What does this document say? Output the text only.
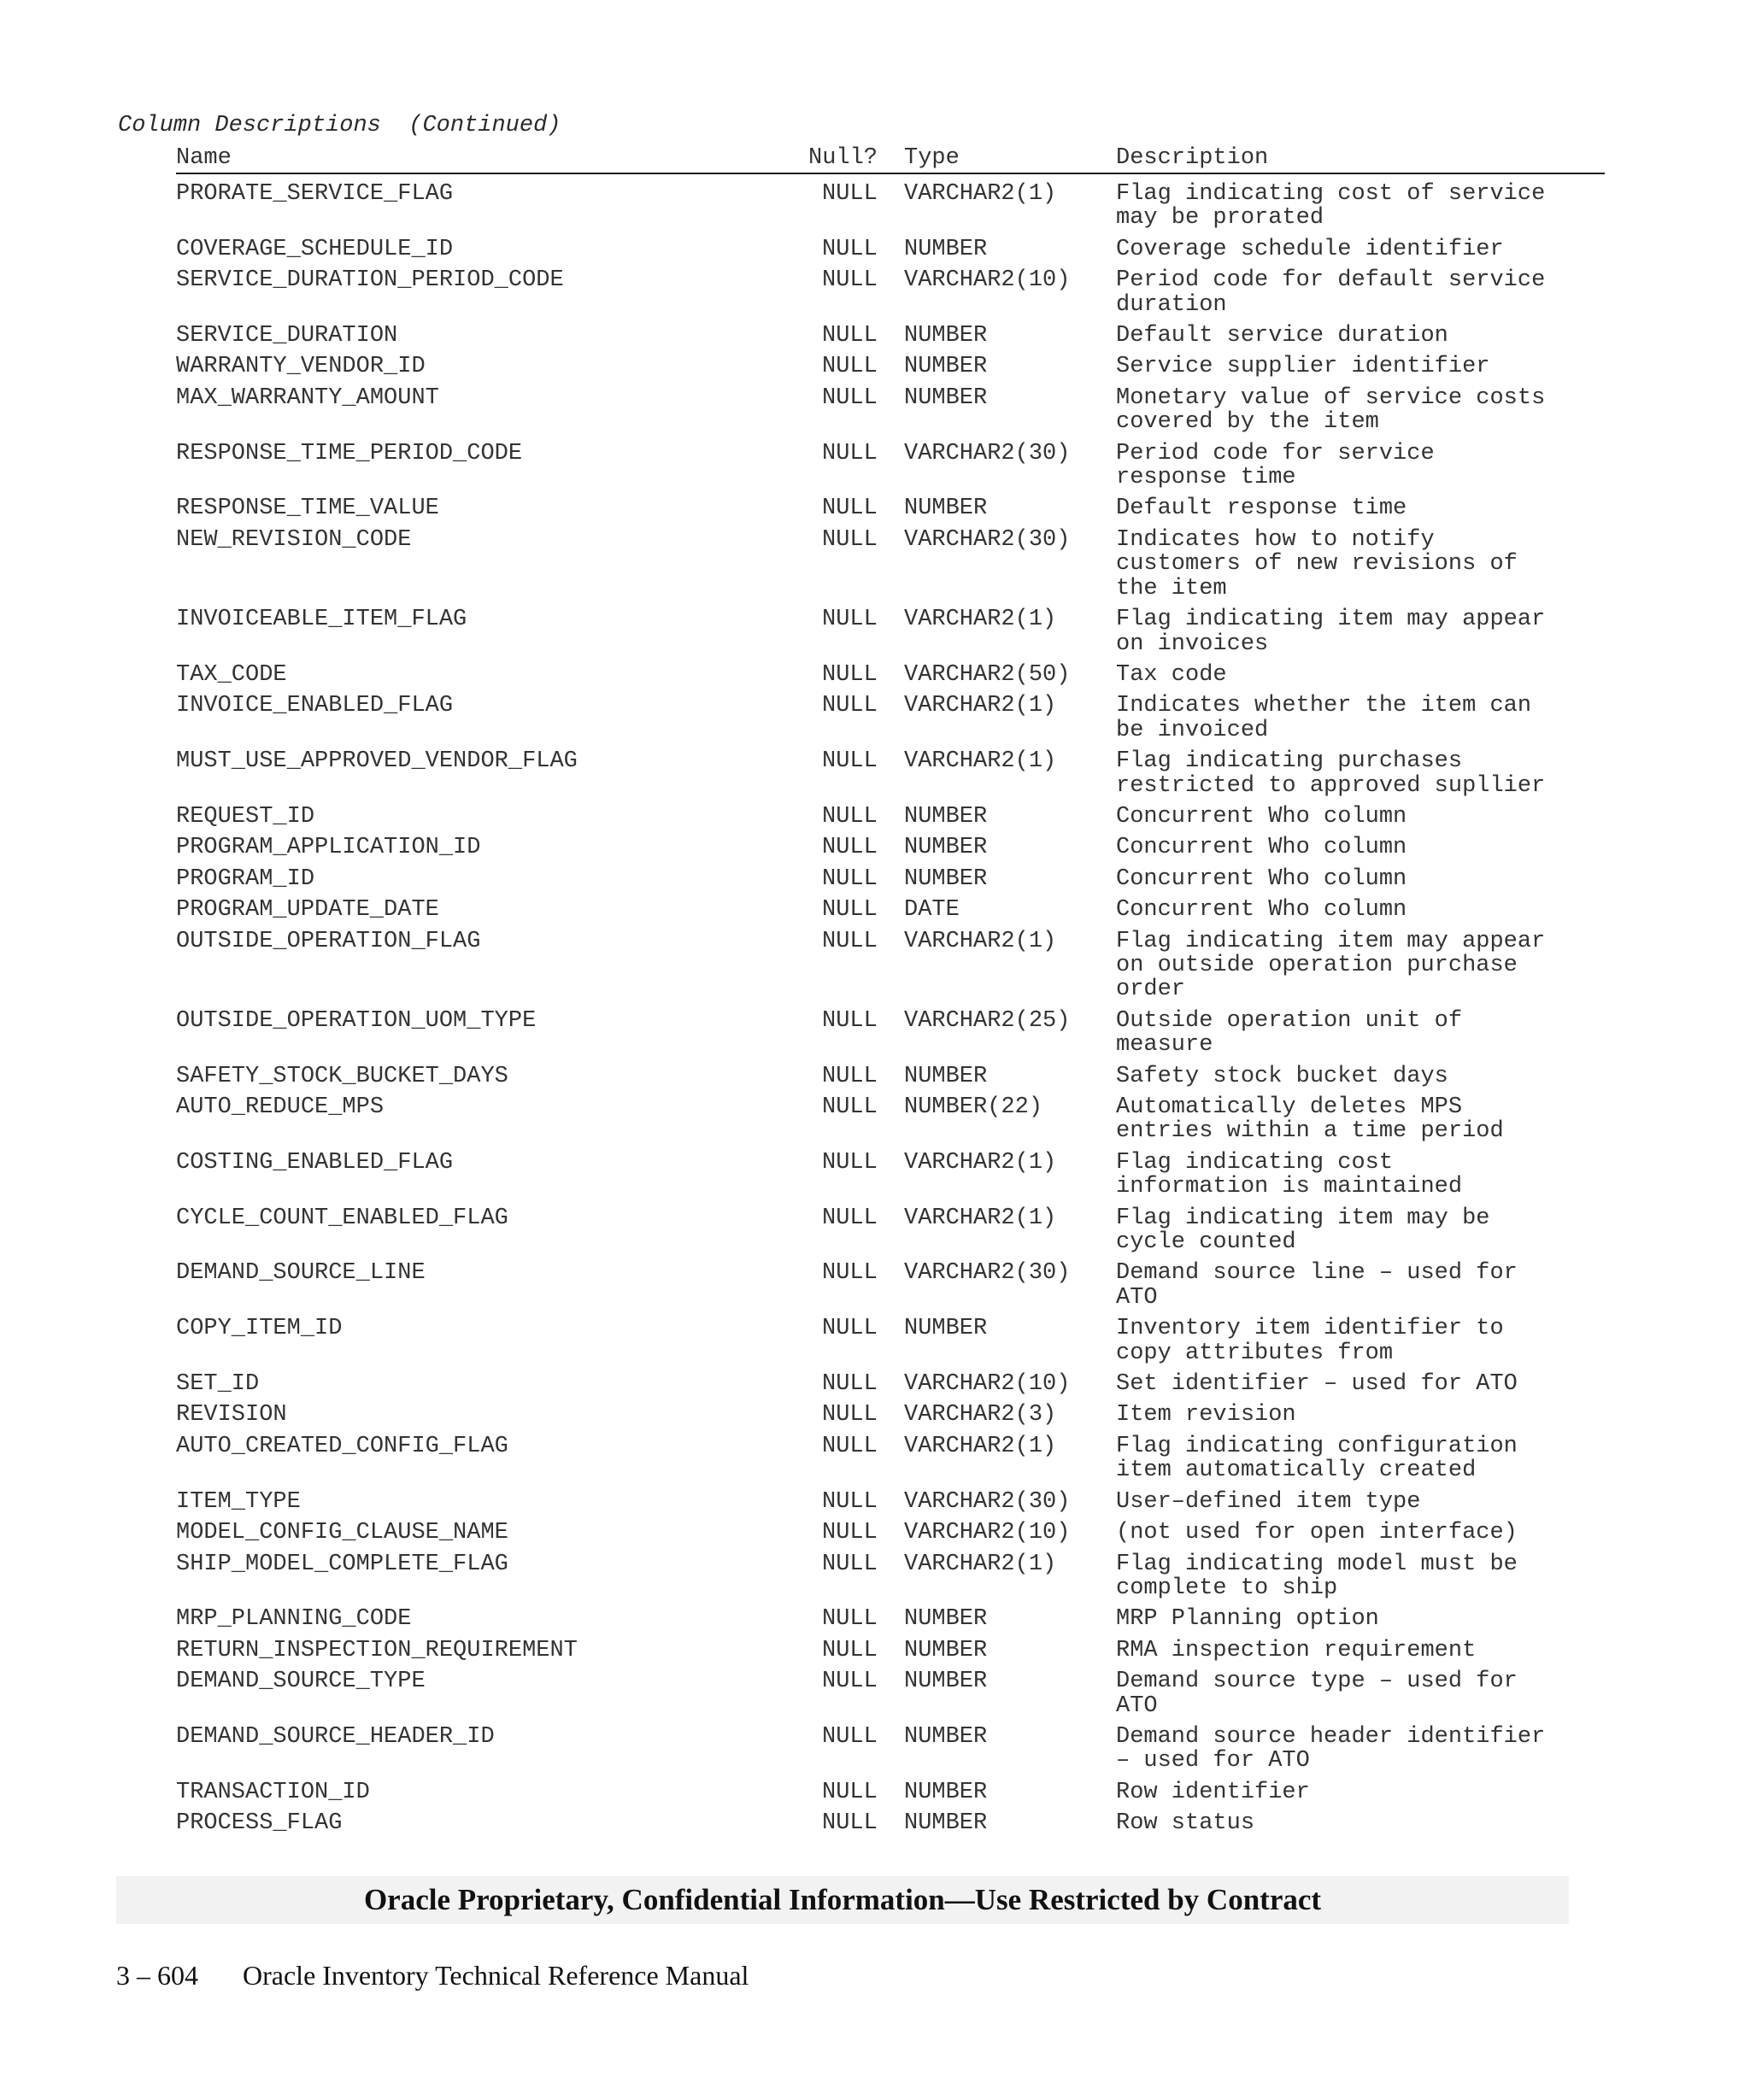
Column Descriptions  (Continued)
Name	Null? Type	Description
PRORATE_SERVICE_FLAG	NULL VARCHAR2(1)	Flag indicating cost of service
may be prorated
COVERAGE_SCHEDULE_ID	NULL NUMBER	Coverage schedule identifier
SERVICE_DURATION_PERIOD_CODE	NULL VARCHAR2(10) Period code for default service
duration
SERVICE_DURATION	NULL NUMBER	Default service duration
WARRANTY_VENDOR_ID	NULL NUMBER	Service supplier identifier
MAX_WARRANTY_AMOUNT	NULL NUMBER	Monetary value of service costs
covered by the item
RESPONSE_TIME_PERIOD_CODE	NULL VARCHAR2(30) Period code for service
response time
RESPONSE_TIME_VALUE	NULL NUMBER	Default response time
NEW_REVISION_CODE	NULL VARCHAR2(30) Indicates how to notify
customers of new revisions of
the item
INVOICEABLE_ITEM_FLAG	NULL VARCHAR2(1)	Flag indicating item may appear
on invoices
TAX_CODE	NULL VARCHAR2(50) Tax code
INVOICE_ENABLED_FLAG	NULL VARCHAR2(1)	Indicates whether the item can
be invoiced
MUST_USE_APPROVED_VENDOR_FLAG	NULL VARCHAR2(1)	Flag indicating purchases
restricted to approved supllier
REQUEST_ID	NULL NUMBER	Concurrent Who column
PROGRAM_APPLICATION_ID	NULL NUMBER	Concurrent Who column
PROGRAM_ID	NULL NUMBER	Concurrent Who column
PROGRAM_UPDATE_DATE	NULL DATE	Concurrent Who column
OUTSIDE_OPERATION_FLAG	NULL VARCHAR2(1)	Flag indicating item may appear
on outside operation purchase
order
OUTSIDE_OPERATION_UOM_TYPE	NULL VARCHAR2(25) Outside operation unit of
measure
SAFETY_STOCK_BUCKET_DAYS	NULL NUMBER	Safety stock bucket days
AUTO_REDUCE_MPS	NULL NUMBER(22)	Automatically deletes MPS
entries within a time period
COSTING_ENABLED_FLAG	NULL VARCHAR2(1)	Flag indicating cost
information is maintained
CYCLE_COUNT_ENABLED_FLAG	NULL VARCHAR2(1)	Flag indicating item may be
cycle counted
DEMAND_SOURCE_LINE	NULL VARCHAR2(30) Demand source line – used for
ATO
COPY_ITEM_ID	NULL NUMBER	Inventory item identifier to
copy attributes from
SET_ID	NULL VARCHAR2(10) Set identifier – used for ATO
REVISION	NULL VARCHAR2(3)	Item revision
AUTO_CREATED_CONFIG_FLAG	NULL VARCHAR2(1)	Flag indicating configuration
item automatically created
ITEM_TYPE	NULL VARCHAR2(30) User–defined item type
MODEL_CONFIG_CLAUSE_NAME	NULL VARCHAR2(10) (not used for open interface)
SHIP_MODEL_COMPLETE_FLAG	NULL VARCHAR2(1)	Flag indicating model must be
complete to ship
MRP_PLANNING_CODE	NULL NUMBER	MRP Planning option
RETURN_INSPECTION_REQUIREMENT	NULL NUMBER	RMA inspection requirement
DEMAND_SOURCE_TYPE	NULL NUMBER	Demand source type – used for
ATO
DEMAND_SOURCE_HEADER_ID	NULL NUMBER	Demand source header identifier
– used for ATO
TRANSACTION_ID	NULL NUMBER	Row identifier
PROCESS_FLAG	NULL NUMBER	Row status
Oracle Proprietary, Confidential Information––Use Restricted by Contract
3 – 604 Oracle Inventory Technical Reference Manual
